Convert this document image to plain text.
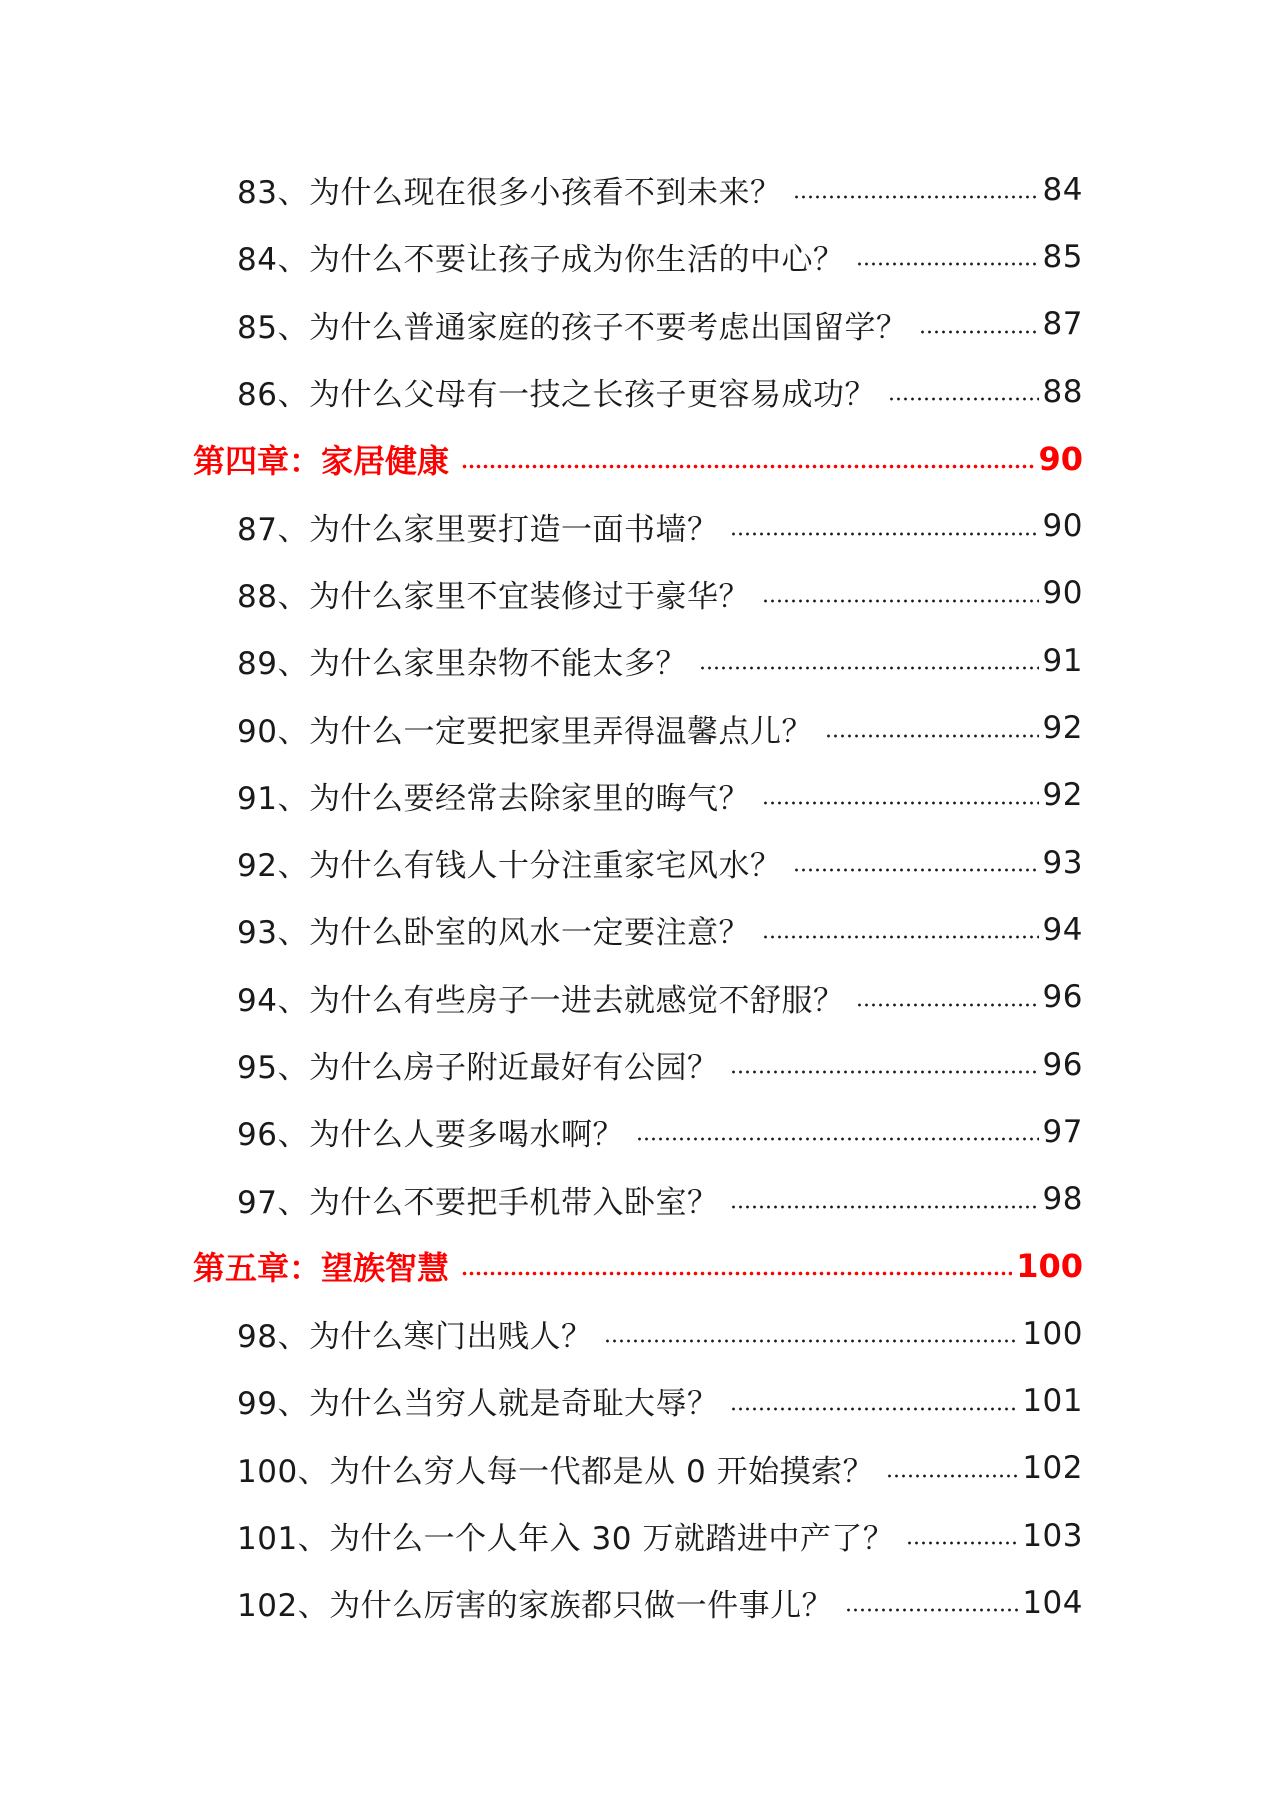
83、为什么现在很多小孩看不到未来？	84
84、为什么不要让孩子成为你生活的中心？	85
85、为什么普通家庭的孩子不要考虑出国留学？	87
86、为什么父母有一技之长孩子更容易成功？	88
第四章：家居健康	90
87、为什么家里要打造一面书墙？	90
88、为什么家里不宜装修过于豪华？	90
89、为什么家里杂物不能太多？	91
90、为什么一定要把家里弄得温馨点儿？	92
91、为什么要经常去除家里的晦气？	92
92、为什么有钱人十分注重家宅风水？	93
93、为什么卧室的风水一定要注意？	94
94、为什么有些房子一进去就感觉不舒服？	96
95、为什么房子附近最好有公园？	96
96、为什么人要多喝水啊？	97
97、为什么不要把手机带入卧室？	98
第五章：望族智慧	100
98、为什么寒门出贱人？	100
99、为什么当穷人就是奇耻大辱？	101
100、为什么穷人每一代都是从 0 开始摸索？	102
101、为什么一个人年入 30 万就踏进中产了？	103
102、为什么厉害的家族都只做一件事儿？	104
